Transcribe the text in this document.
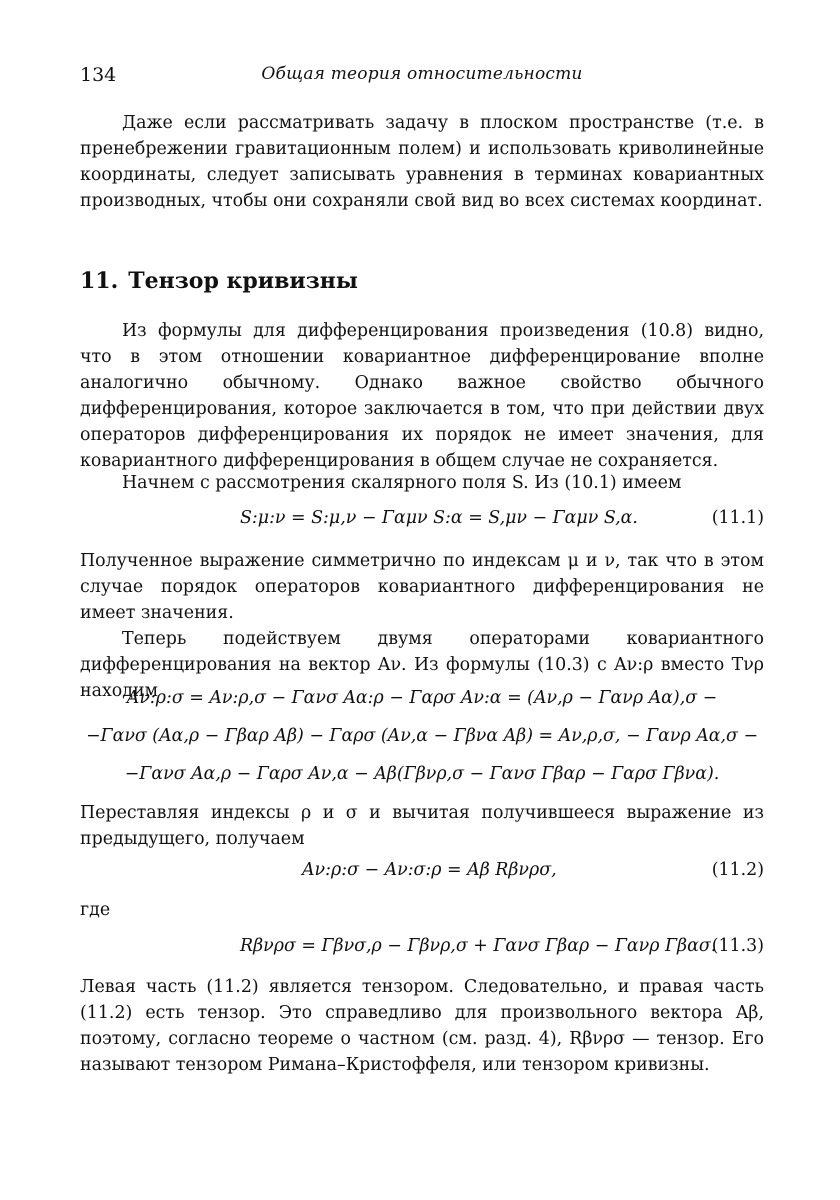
134	Общая теория относительности

Даже если рассматривать задачу в плоском пространстве (т.е. в пренебрежении гравитационным полем) и использовать криволинейные координаты, следует записывать уравнения в терминах ковариантных производных, чтобы они сохраняли свой вид во всех системах координат.

11. Тензор кривизны

Из формулы для дифференцирования произведения (10.8) видно, что в этом отношении ковариантное дифференцирование вполне аналогично обычному. Однако важное свойство обычного дифференцирования, которое заключается в том, что при действии двух операторов дифференцирования их порядок не имеет значения, для ковариантного дифференцирования в общем случае не сохраняется.

Начнем с рассмотрения скалярного поля S. Из (10.1) имеем

S:μ:ν = S:μ,ν − Γαμν S:α = S,μν − Γαμν S,α.	(11.1)

Полученное выражение симметрично по индексам μ и ν, так что в этом случае порядок операторов ковариантного дифференцирования не имеет значения.

Теперь подействуем двумя операторами ковариантного дифференцирования на вектор Aν. Из формулы (10.3) с Aν:ρ вместо Tνρ находим

Aν:ρ:σ = Aν:ρ,σ − Γανσ Aα:ρ − Γαρσ Aν:α = (Aν,ρ − Γανρ Aα),σ −
−Γανσ (Aα,ρ − Γβαρ Aβ) − Γαρσ (Aν,α − Γβνα Aβ) = Aν,ρ,σ, − Γανρ Aα,σ −
−Γανσ Aα,ρ − Γαρσ Aν,α − Aβ(Γβνρ,σ − Γανσ Γβαρ − Γαρσ Γβνα).

Переставляя индексы ρ и σ и вычитая получившееся выражение из предыдущего, получаем

Aν:ρ:σ − Aν:σ:ρ = Aβ Rβνρσ,	(11.2)
где
Rβνρσ = Γβνσ,ρ − Γβνρ,σ + Γανσ Γβαρ − Γανρ Γβασ.
(11.3)

Левая часть (11.2) является тензором. Следовательно, и правая часть (11.2) есть тензор. Это справедливо для произвольного вектора Aβ, поэтому, согласно теореме о частном (см. разд. 4), Rβνρσ — тензор. Его называют тензором Римана–Кристоффеля, или тензором кривизны.
